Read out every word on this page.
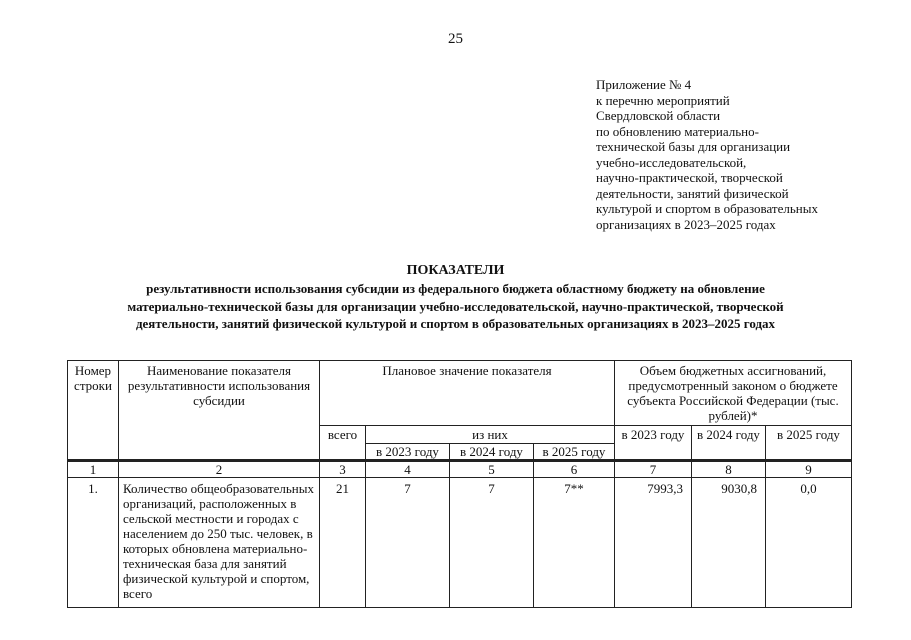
25
Приложение № 4
к перечню мероприятий
Свердловской области
по обновлению материально-
технической базы для организации
учебно-исследовательской,
научно-практической, творческой
деятельности, занятий физической
культурой и спортом в образовательных
организациях в 2023–2025 годах
ПОКАЗАТЕЛИ
результативности использования субсидии из федерального бюджета областному бюджету на обновление
материально-технической базы для организации учебно-исследовательской, научно-практической, творческой
деятельности, занятий физической культурой и спортом в образовательных организациях в 2023–2025 годах
Номер строки	Наименование показателя результативности использования субсидии	Плановое значение показателя				Объем бюджетных ассигнований, предусмотренный законом о бюджете субъекта Российской Федерации (тыс. рублей)*		
		всего	из них			в 2023 году	в 2024 году	в 2025 году
			в 2023 году	в 2024 году	в 2025 году			

1	2	3	4	5	6	7	8	9
1.	Количество общеобразовательных организаций, расположенных в сельской местности и городах с населением до 250 тыс. человек, в которых обновлена материально-техническая база для занятий физической культурой и спортом, всего	21	7	7	7**	7993,3	9030,8	0,0
